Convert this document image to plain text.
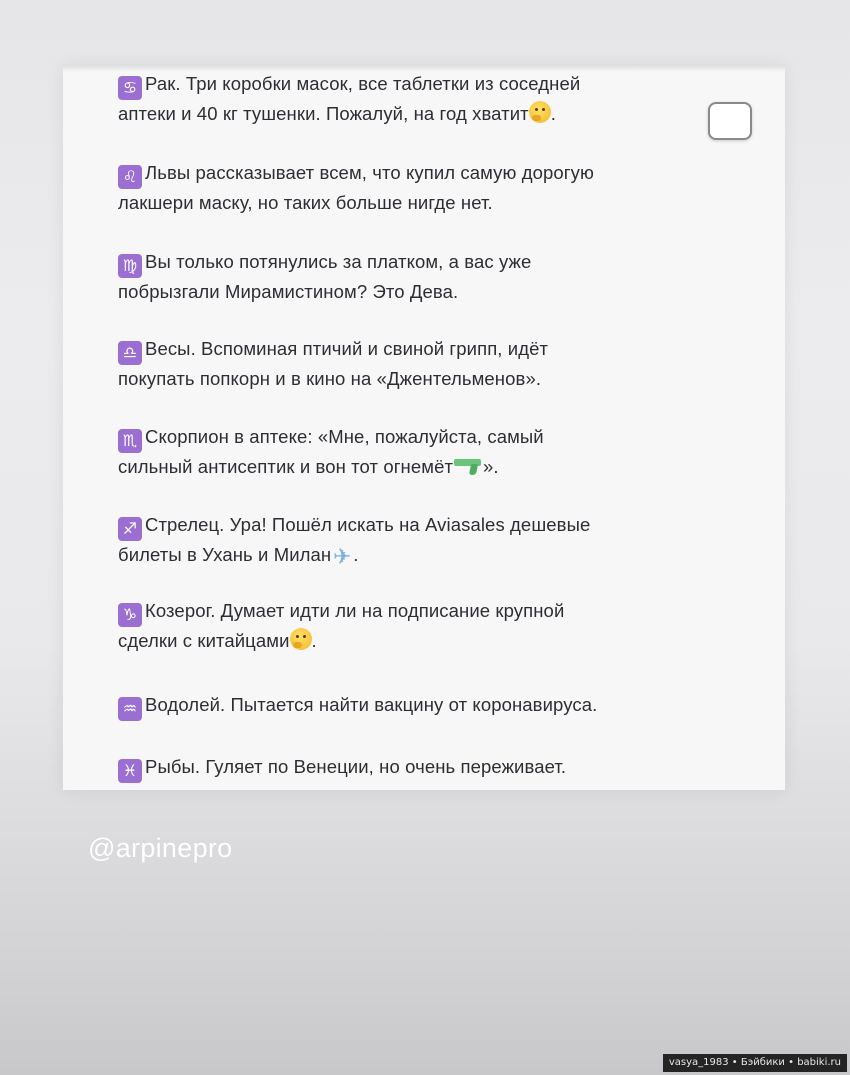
♋ Рак. Три коробки масок, все таблетки из соседней
аптеки и 40 кг тушенки. Пожалуй, на год хватит .
♌ Львы рассказывает всем, что купил самую дорогую
лакшери маску, но таких больше нигде нет.
♍ Вы только потянулись за платком, а вас уже
побрызгали Мирамистином? Это Дева.
♎ Весы. Вспоминая птичий и свиной грипп, идёт
покупать попкорн и в кино на «Джентельменов».
♏ Скорпион в аптеке: «Мне, пожалуйста, самый
сильный антисептик и вон тот огнемёт ».
♐ Стрелец. Ура! Пошёл искать на Aviasales дешевые
билеты в Ухань и Милан✈.
♑ Козерог. Думает идти ли на подписание крупной
сделки с китайцами .
♒ Водолей. Пытается найти вакцину от коронавируса.
♓ Рыбы. Гуляет по Венеции, но очень переживает.
@arpinepro
vasya_1983 • Бэйбики • babiki.ru
